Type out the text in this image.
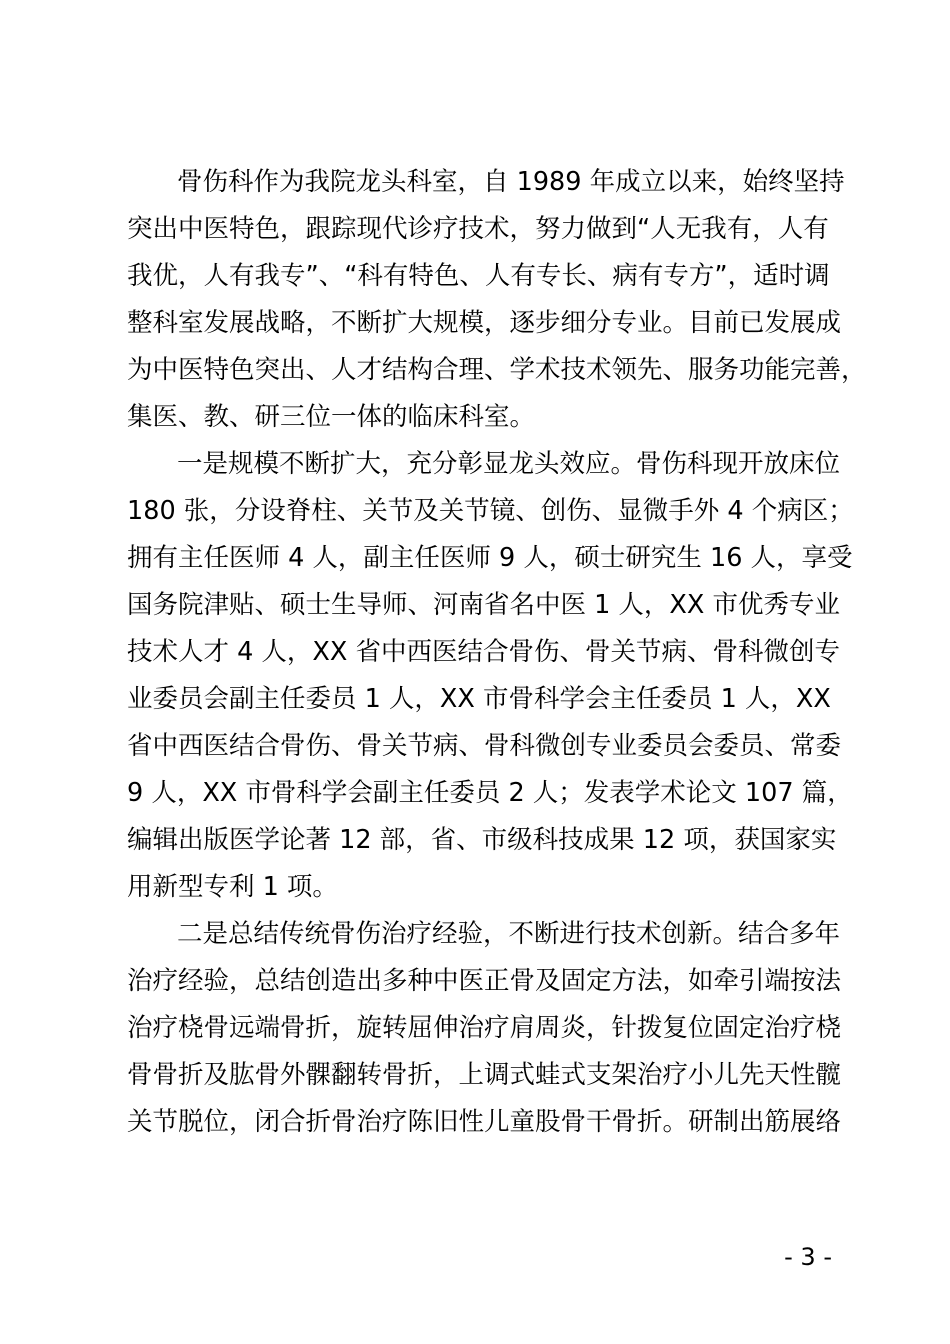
骨伤科作为我院龙头科室，自 1989 年成立以来，始终坚持
突出中医特色，跟踪现代诊疗技术，努力做到“人无我有，人有
我优，人有我专”、“科有特色、人有专长、病有专方”，适时调
整科室发展战略，不断扩大规模，逐步细分专业。目前已发展成
为中医特色突出、人才结构合理、学术技术领先、服务功能完善，
集医、教、研三位一体的临床科室。
一是规模不断扩大，充分彰显龙头效应。骨伤科现开放床位
180 张，分设脊柱、关节及关节镜、创伤、显微手外 4 个病区；
拥有主任医师 4 人，副主任医师 9 人，硕士研究生 16 人，享受
国务院津贴、硕士生导师、河南省名中医 1 人，XX 市优秀专业
技术人才 4 人，XX 省中西医结合骨伤、骨关节病、骨科微创专
业委员会副主任委员 1 人，XX 市骨科学会主任委员 1 人，XX
省中西医结合骨伤、骨关节病、骨科微创专业委员会委员、常委
9 人，XX 市骨科学会副主任委员 2 人；发表学术论文 107 篇，
编辑出版医学论著 12 部，省、市级科技成果 12 项，获国家实
用新型专利 1 项。
二是总结传统骨伤治疗经验，不断进行技术创新。结合多年
治疗经验，总结创造出多种中医正骨及固定方法，如牵引端按法
治疗桡骨远端骨折，旋转屈伸治疗肩周炎，针拨复位固定治疗桡
骨骨折及肱骨外髁翻转骨折，上调式蛙式支架治疗小儿先天性髋
关节脱位，闭合折骨治疗陈旧性儿童股骨干骨折。研制出筋展络
- 3 -
